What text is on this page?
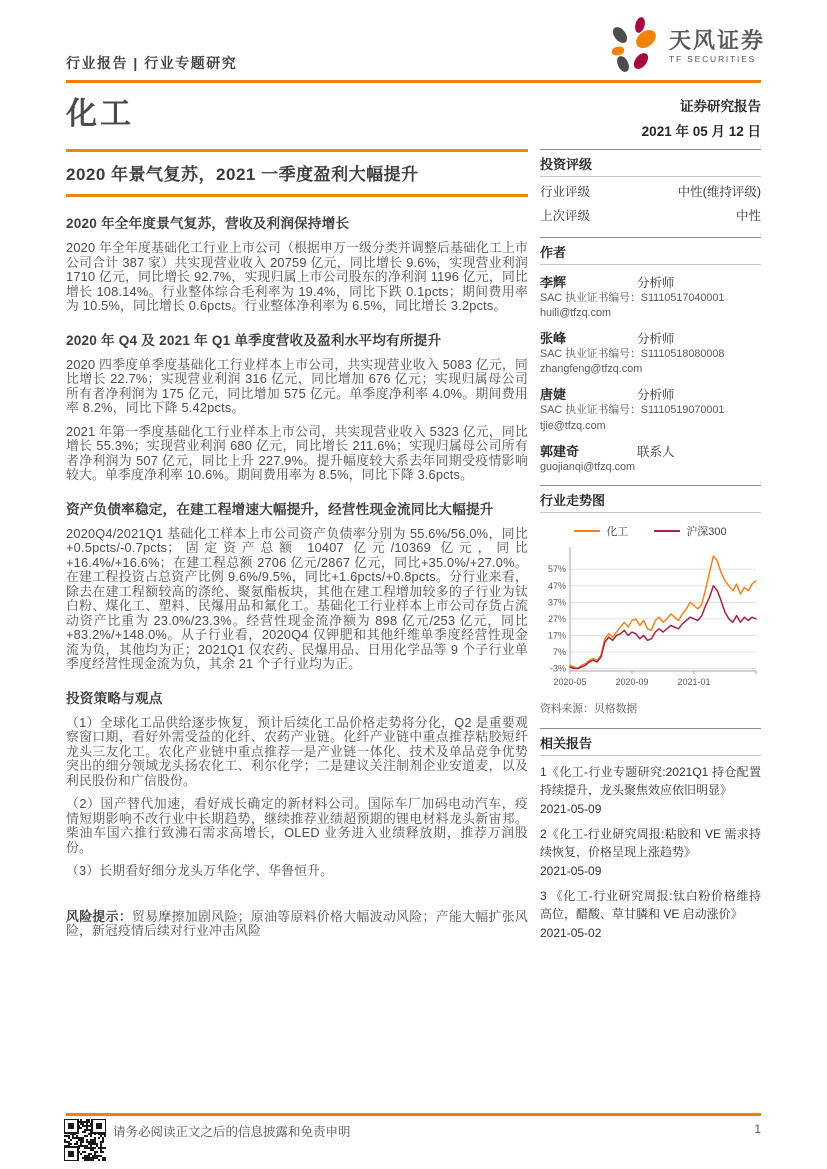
行业报告 | 行业专题研究
天风证券
TF SECURITIES
化工
2020 年景气复苏，2021 一季度盈利大幅提升
2020 年全年度景气复苏，营收及利润保持增长

2020 年全年度基础化工行业上市公司（根据申万一级分类并调整后基础化工上市公司合计 387 家）共实现营业收入 20759 亿元，同比增长 9.6%，实现营业利润 1710 亿元，同比增长 92.7%，实现归属上市公司股东的净利润 1196 亿元，同比增长 108.14%。行业整体综合毛利率为 19.4%，同比下跌 0.1pcts；期间费用率为 10.5%，同比增长 0.6pcts。行业整体净利率为 6.5%，同比增长 3.2pcts。

2020 年 Q4 及 2021 年 Q1 单季度营收及盈利水平均有所提升

2020 四季度单季度基础化工行业样本上市公司，共实现营业收入 5083 亿元，同比增长 22.7%；实现营业利润 316 亿元，同比增加 676 亿元；实现归属母公司所有者净利润为 175 亿元，同比增加 575 亿元。单季度净利率 4.0%。期间费用率 8.2%，同比下降 5.42pcts。

2021 年第一季度基础化工行业样本上市公司，共实现营业收入 5323 亿元，同比增长 55.3%；实现营业利润 680 亿元，同比增长 211.6%；实现归属母公司所有者净利润为 507 亿元，同比上升 227.9%。提升幅度较大系去年同期受疫情影响较大。单季度净利率 10.6%。期间费用率为 8.5%，同比下降 3.6pcts。

资产负债率稳定，在建工程增速大幅提升，经营性现金流同比大幅提升

2020Q4/2021Q1 基础化工样本上市公司资产负债率分别为 55.6%/56.0%，同比+0.5pcts/-0.7pcts；固定资产总额 10407 亿元/10369 亿元，同比+16.4%/+16.6%；在建工程总额 2706 亿元/2867 亿元，同比+35.0%/+27.0%。在建工程投资占总资产比例 9.6%/9.5%，同比+1.6pcts/+0.8pcts。分行业来看，除去在建工程额较高的涤纶、聚氨酯板块，其他在建工程增加较多的子行业为钛白粉、煤化工、塑料、民爆用品和氟化工。基础化工行业样本上市公司存货占流动资产比重为 23.0%/23.3%。经营性现金流净额为 898 亿元/253 亿元，同比+83.2%/+148.0%。从子行业看，2020Q4 仅钾肥和其他纤维单季度经营性现金流为负，其他均为正；2021Q1 仅农药、民爆用品、日用化学品等 9 个子行业单季度经营性现金流为负，其余 21 个子行业均为正。

投资策略与观点

（1）全球化工品供给逐步恢复，预计后续化工品价格走势将分化，Q2 是重要观察窗口期，看好外需受益的化纤、农药产业链。化纤产业链中重点推荐粘胶短纤龙头三友化工。农化产业链中重点推荐一是产业链一体化、技术及单品竞争优势突出的细分领域龙头扬农化工、利尔化学；二是建议关注制剂企业安道麦，以及利民股份和广信股份。

（2）国产替代加速，看好成长确定的新材料公司。国际车厂加码电动汽车，疫情短期影响不改行业中长期趋势，继续推荐业绩超预期的锂电材料龙头新宙邦。柴油车国六推行致沸石需求高增长，OLED 业务进入业绩释放期，推荐万润股份。

（3）长期看好细分龙头万华化学、华鲁恒升。

风险提示：贸易摩擦加剧风险；原油等原料价格大幅波动风险；产能大幅扩张风险，新冠疫情后续对行业冲击风险

证券研究报告
2021 年 05 月 12 日
投资评级
行业评级	中性(维持评级)
上次评级	中性
作者
李辉	分析师
SAC 执业证书编号：S1110517040001
huili@tfzq.com
张峰	分析师
SAC 执业证书编号：S1110518080008
zhangfeng@tfzq.com
唐婕	分析师
SAC 执业证书编号：S1110519070001
tjie@tfzq.com
郭建奇	联系人
guojianqi@tfzq.com
行业走势图
化工	沪深300
-3%
7%
17%
27%
37%
47%
57%
2020-05	2020-09	2021-01
资料来源：贝格数据
相关报告
1《化工-行业专题研究:2021Q1 持仓配置持续提升，龙头聚焦效应依旧明显》
2021-05-09
2《化工-行业研究周报:粘胶和 VE 需求持续恢复，价格呈现上涨趋势》
2021-05-09
3 《化工-行业研究周报:钛白粉价格维持高位，醋酸、草甘膦和 VE 启动涨价》
2021-05-02
请务必阅读正文之后的信息披露和免责申明	1
